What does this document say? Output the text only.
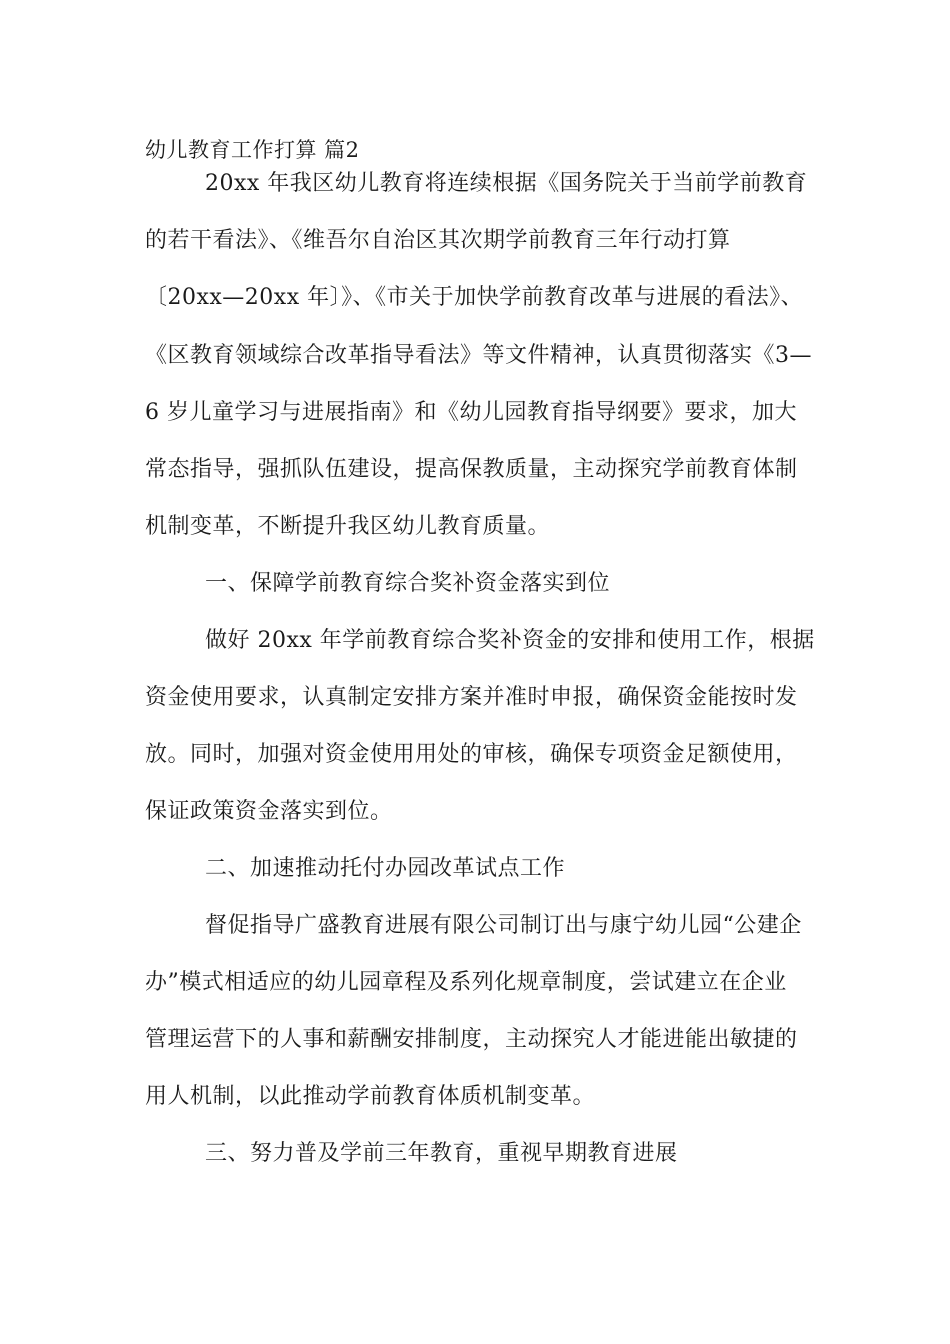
幼儿教育工作打算 篇2
20xx 年我区幼儿教育将连续根据《国务院关于当前学前教育
的若干看法》、《维吾尔自治区其次期学前教育三年行动打算
〔20xx—20xx 年〕》、《市关于加快学前教育改革与进展的看法》、
《区教育领域综合改革指导看法》等文件精神，认真贯彻落实《3—
6 岁儿童学习与进展指南》和《幼儿园教育指导纲要》要求，加大
常态指导，强抓队伍建设，提高保教质量，主动探究学前教育体制
机制变革，不断提升我区幼儿教育质量。
一、保障学前教育综合奖补资金落实到位
做好 20xx 年学前教育综合奖补资金的安排和使用工作，根据
资金使用要求，认真制定安排方案并准时申报，确保资金能按时发
放。同时，加强对资金使用用处的审核，确保专项资金足额使用，
保证政策资金落实到位。
二、加速推动托付办园改革试点工作
督促指导广盛教育进展有限公司制订出与康宁幼儿园“公建企
办”模式相适应的幼儿园章程及系列化规章制度，尝试建立在企业
管理运营下的人事和薪酬安排制度，主动探究人才能进能出敏捷的
用人机制，以此推动学前教育体质机制变革。
三、努力普及学前三年教育，重视早期教育进展
